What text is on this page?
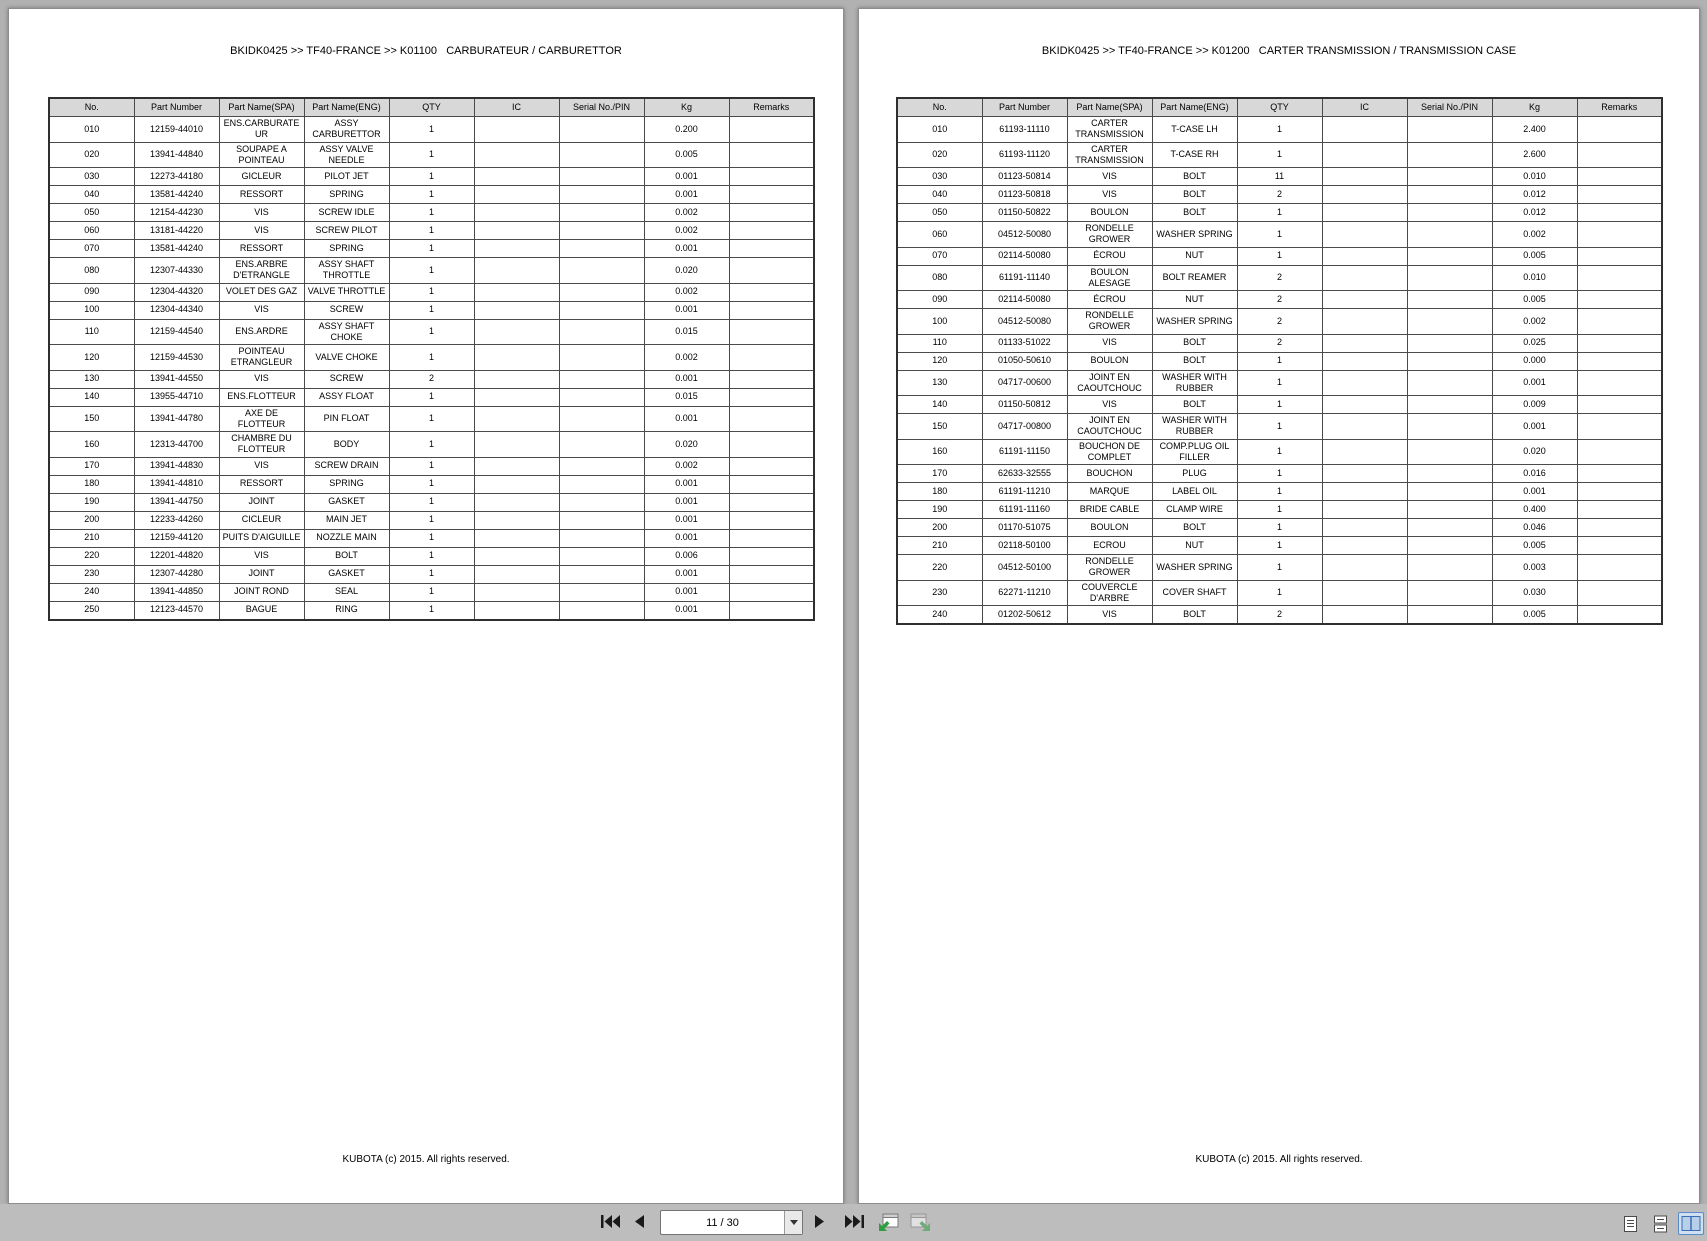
BKIDK0425 >> TF40-FRANCE >> K01100   CARBURATEUR / CARBURETTOR
No.	Part Number	Part Name(SPA)	Part Name(ENG)	QTY	IC	Serial No./PIN	Kg	Remarks
010	12159-44010	ENS.CARBURATEUR	ASSY CARBURETTOR	1			0.200	
020	13941-44840	SOUPAPE A POINTEAU	ASSY VALVE NEEDLE	1			0.005	
030	12273-44180	GICLEUR	PILOT JET	1			0.001	
040	13581-44240	RESSORT	SPRING	1			0.001	
050	12154-44230	VIS	SCREW IDLE	1			0.002	
060	13181-44220	VIS	SCREW PILOT	1			0.002	
070	13581-44240	RESSORT	SPRING	1			0.001	
080	12307-44330	ENS.ARBRE D'ETRANGLE	ASSY SHAFT THROTTLE	1			0.020	
090	12304-44320	VOLET DES GAZ	VALVE THROTTLE	1			0.002	
100	12304-44340	VIS	SCREW	1			0.001	
110	12159-44540	ENS.ARDRE	ASSY SHAFT CHOKE	1			0.015	
120	12159-44530	POINTEAU ETRANGLEUR	VALVE CHOKE	1			0.002	
130	13941-44550	VIS	SCREW	2			0.001	
140	13955-44710	ENS.FLOTTEUR	ASSY FLOAT	1			0.015	
150	13941-44780	AXE DE FLOTTEUR	PIN FLOAT	1			0.001	
160	12313-44700	CHAMBRE DU FLOTTEUR	BODY	1			0.020	
170	13941-44830	VIS	SCREW DRAIN	1			0.002	
180	13941-44810	RESSORT	SPRING	1			0.001	
190	13941-44750	JOINT	GASKET	1			0.001	
200	12233-44260	CICLEUR	MAIN JET	1			0.001	
210	12159-44120	PUITS D'AIGUILLE	NOZZLE MAIN	1			0.001	
220	12201-44820	VIS	BOLT	1			0.006	
230	12307-44280	JOINT	GASKET	1			0.001	
240	13941-44850	JOINT ROND	SEAL	1			0.001	
250	12123-44570	BAGUE	RING	1			0.001	
KUBOTA (c) 2015. All rights reserved.
BKIDK0425 >> TF40-FRANCE >> K01200   CARTER TRANSMISSION / TRANSMISSION CASE
No.	Part Number	Part Name(SPA)	Part Name(ENG)	QTY	IC	Serial No./PIN	Kg	Remarks
010	61193-11110	CARTER TRANSMISSION	T-CASE LH	1			2.400	
020	61193-11120	CARTER TRANSMISSION	T-CASE RH	1			2.600	
030	01123-50814	VIS	BOLT	11			0.010	
040	01123-50818	VIS	BOLT	2			0.012	
050	01150-50822	BOULON	BOLT	1			0.012	
060	04512-50080	RONDELLE GROWER	WASHER SPRING	1			0.002	
070	02114-50080	ÉCROU	NUT	1			0.005	
080	61191-11140	BOULON ALESAGE	BOLT REAMER	2			0.010	
090	02114-50080	ÉCROU	NUT	2			0.005	
100	04512-50080	RONDELLE GROWER	WASHER SPRING	2			0.002	
110	01133-51022	VIS	BOLT	2			0.025	
120	01050-50610	BOULON	BOLT	1			0.000	
130	04717-00600	JOINT EN CAOUTCHOUC	WASHER WITH RUBBER	1			0.001	
140	01150-50812	VIS	BOLT	1			0.009	
150	04717-00800	JOINT EN CAOUTCHOUC	WASHER WITH RUBBER	1			0.001	
160	61191-11150	BOUCHON DE COMPLET	COMP.PLUG OIL FILLER	1			0.020	
170	62633-32555	BOUCHON	PLUG	1			0.016	
180	61191-11210	MARQUE	LABEL OIL	1			0.001	
190	61191-11160	BRIDE CABLE	CLAMP WIRE	1			0.400	
200	01170-51075	BOULON	BOLT	1			0.046	
210	02118-50100	ECROU	NUT	1			0.005	
220	04512-50100	RONDELLE GROWER	WASHER SPRING	1			0.003	
230	62271-11210	COUVERCLE D'ARBRE	COVER SHAFT	1			0.030	
240	01202-50612	VIS	BOLT	2			0.005	
KUBOTA (c) 2015. All rights reserved.
11 / 30
